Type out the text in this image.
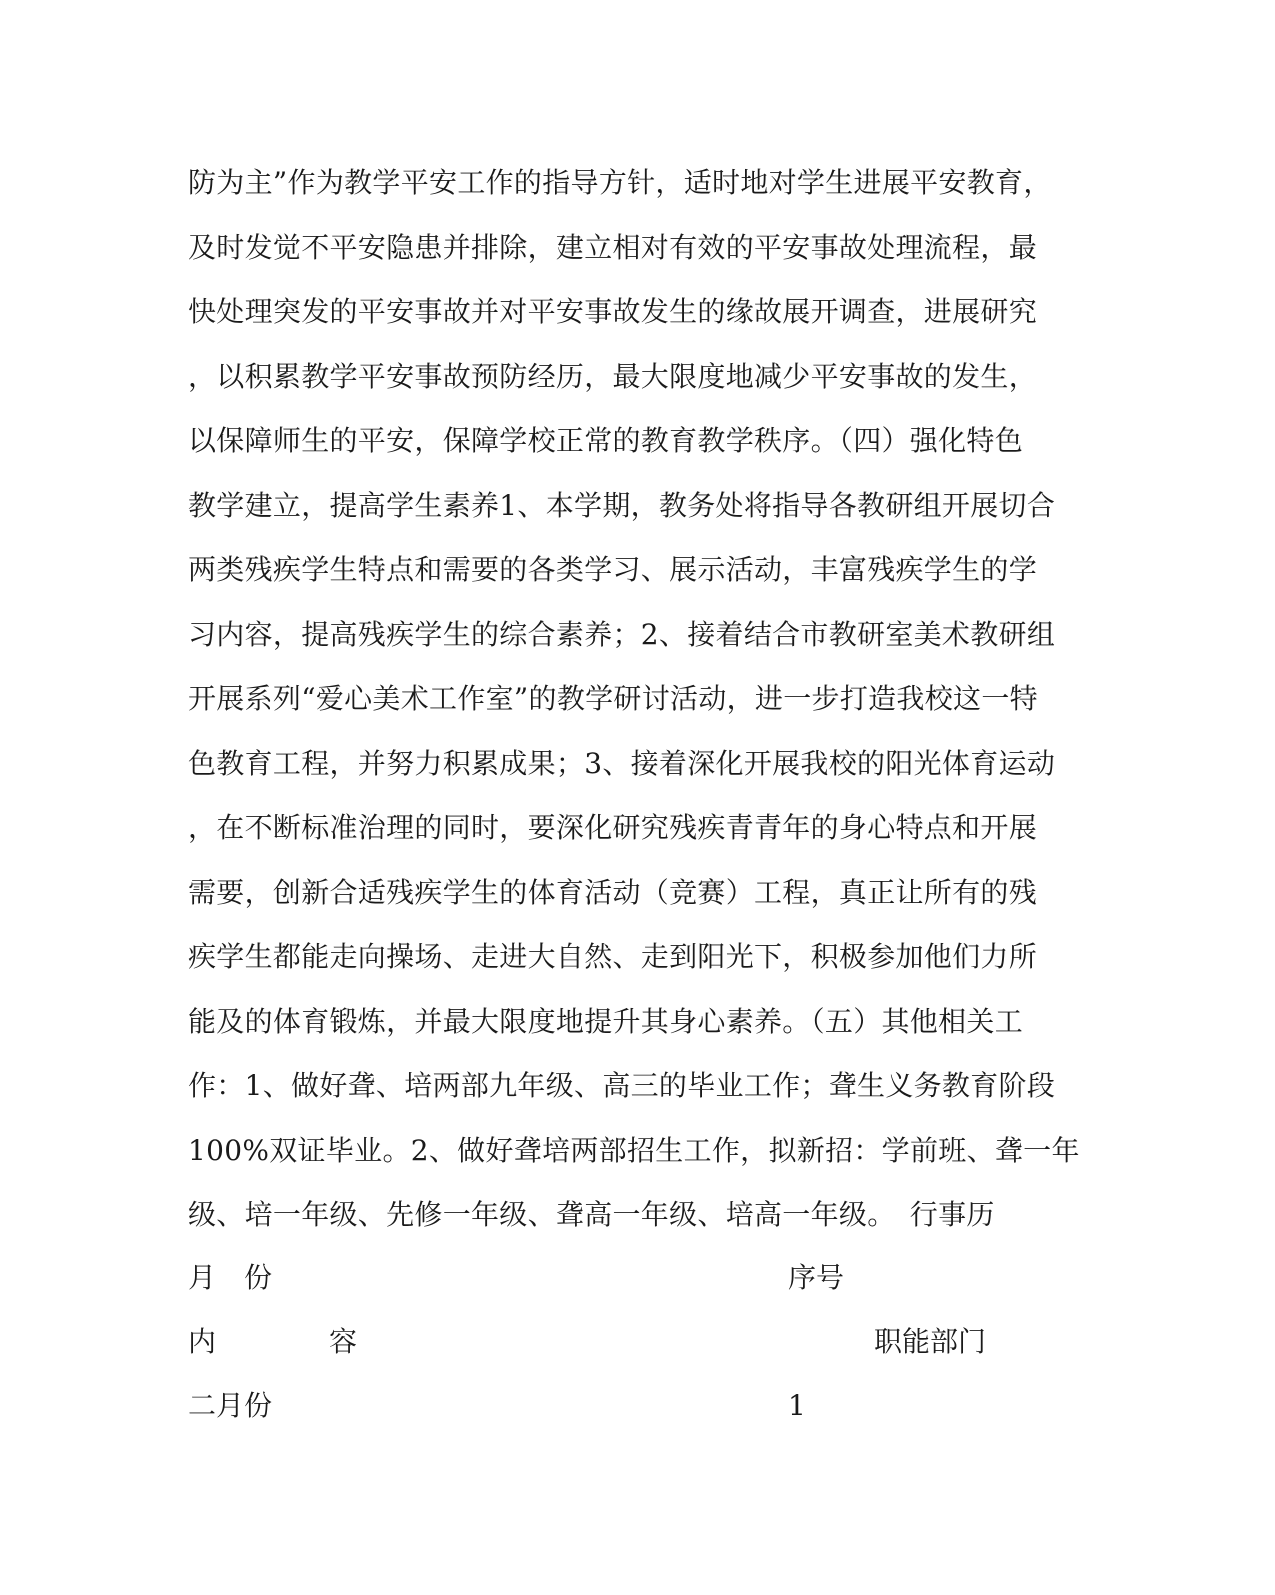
防为主”作为教学平安工作的指导方针，适时地对学生进展平安教育，
及时发觉不平安隐患并排除，建立相对有效的平安事故处理流程，最
快处理突发的平安事故并对平安事故发生的缘故展开调查，进展研究
，以积累教学平安事故预防经历，最大限度地减少平安事故的发生，
以保障师生的平安，保障学校正常的教育教学秩序。（四）强化特色
教学建立，提高学生素养1、本学期，教务处将指导各教研组开展切合
两类残疾学生特点和需要的各类学习、展示活动，丰富残疾学生的学
习内容，提高残疾学生的综合素养；2、接着结合市教研室美术教研组
开展系列“爱心美术工作室”的教学研讨活动，进一步打造我校这一特
色教育工程，并努力积累成果；3、接着深化开展我校的阳光体育运动
，在不断标准治理的同时，要深化研究残疾青青年的身心特点和开展
需要，创新合适残疾学生的体育活动（竞赛）工程，真正让所有的残
疾学生都能走向操场、走进大自然、走到阳光下，积极参加他们力所
能及的体育锻炼，并最大限度地提升其身心素养。（五）其他相关工
作：1、做好聋、培两部九年级、高三的毕业工作；聋生义务教育阶段
100%双证毕业。2、做好聋培两部招生工作，拟新招：学前班、聋一年
级、培一年级、先修一年级、聋高一年级、培高一年级。　行事历
月　份	序号
内	容	职能部门
二月份	1
